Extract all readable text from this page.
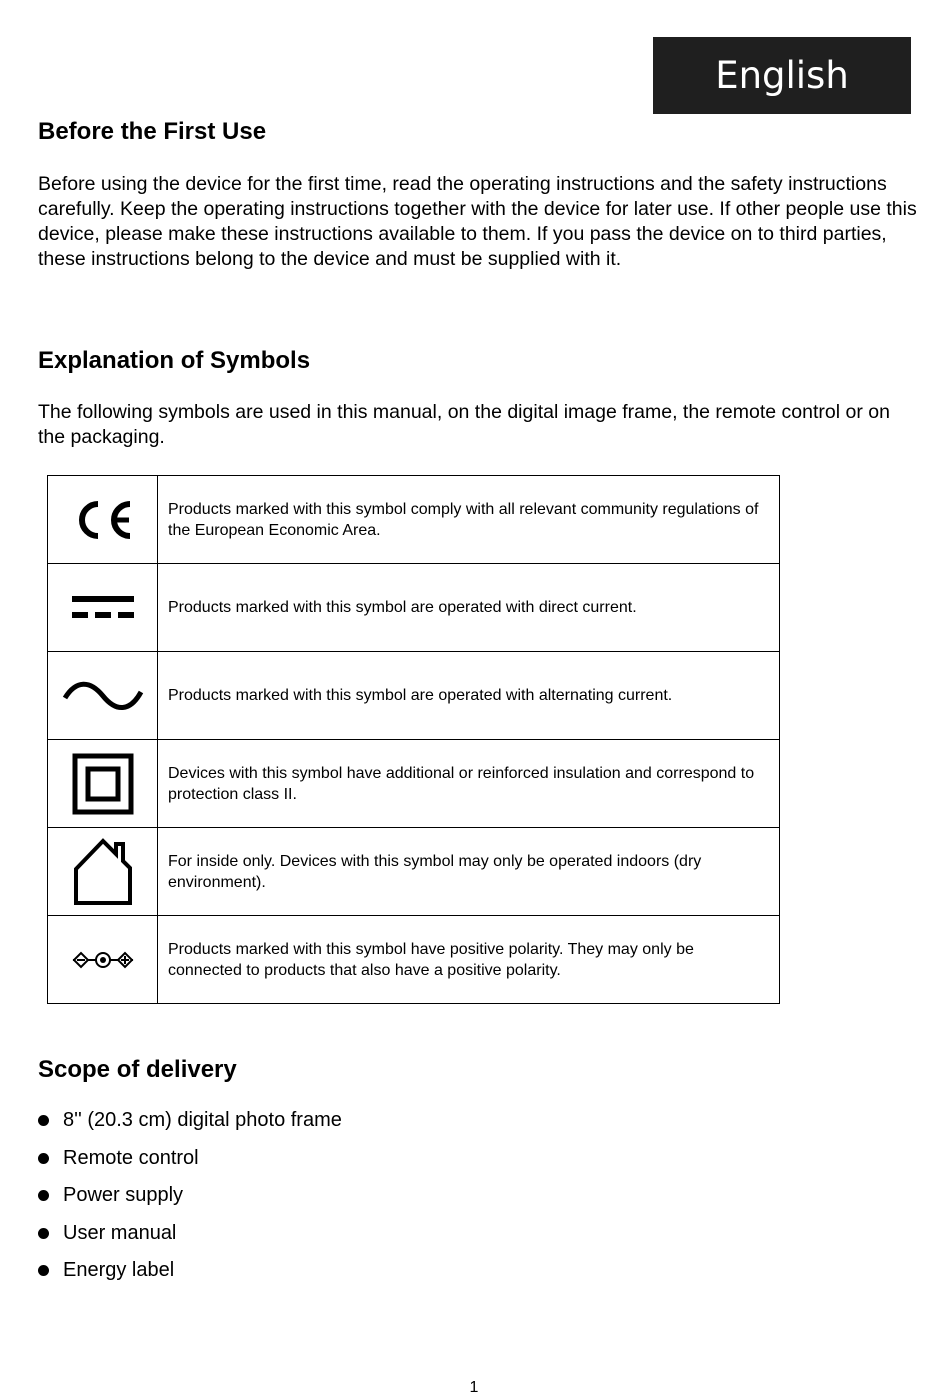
English
Before the First Use

Before using the device for the first time, read the operating instructions and the safety instructions carefully. Keep the operating instructions together with the device for later use. If other people use this device, please make these instructions available to them. If you pass the device on to third parties, these instructions belong to the device and must be supplied with it.

Explanation of Symbols

The following symbols are used in this manual, on the digital image frame, the remote control or on the packaging.

	Products marked with this symbol comply with all relevant community regulations of the European Economic Area.

	Products marked with this symbol are operated with direct current.

	Products marked with this symbol are operated with alternating current.

	Devices with this symbol have additional or reinforced insulation and correspond to protection class II.

	For inside only. Devices with this symbol may only be operated indoors (dry environment).

	Products marked with this symbol have positive polarity. They may only be connected to products that also have a positive polarity.
Scope of delivery
8'' (20.3 cm) digital photo frame
Remote control
Power supply
User manual
Energy label
1
